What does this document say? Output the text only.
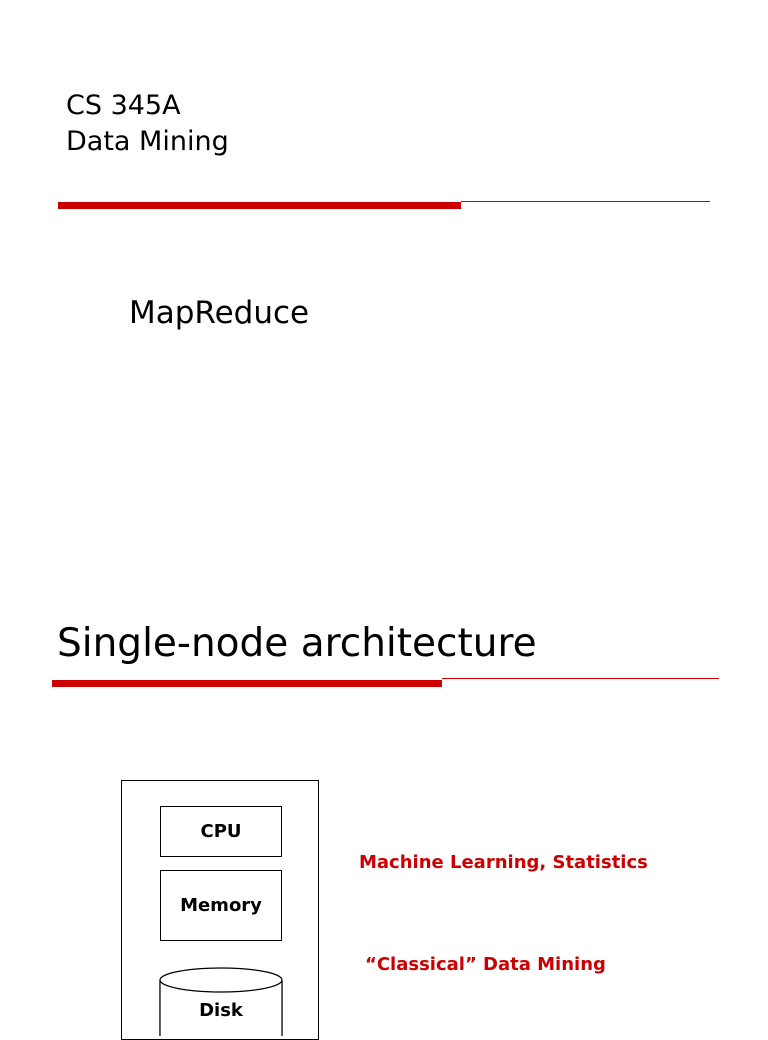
CS 345A
Data Mining
MapReduce
Single-node architecture
CPU
Memory
Disk
Machine Learning, Statistics
“Classical” Data Mining
